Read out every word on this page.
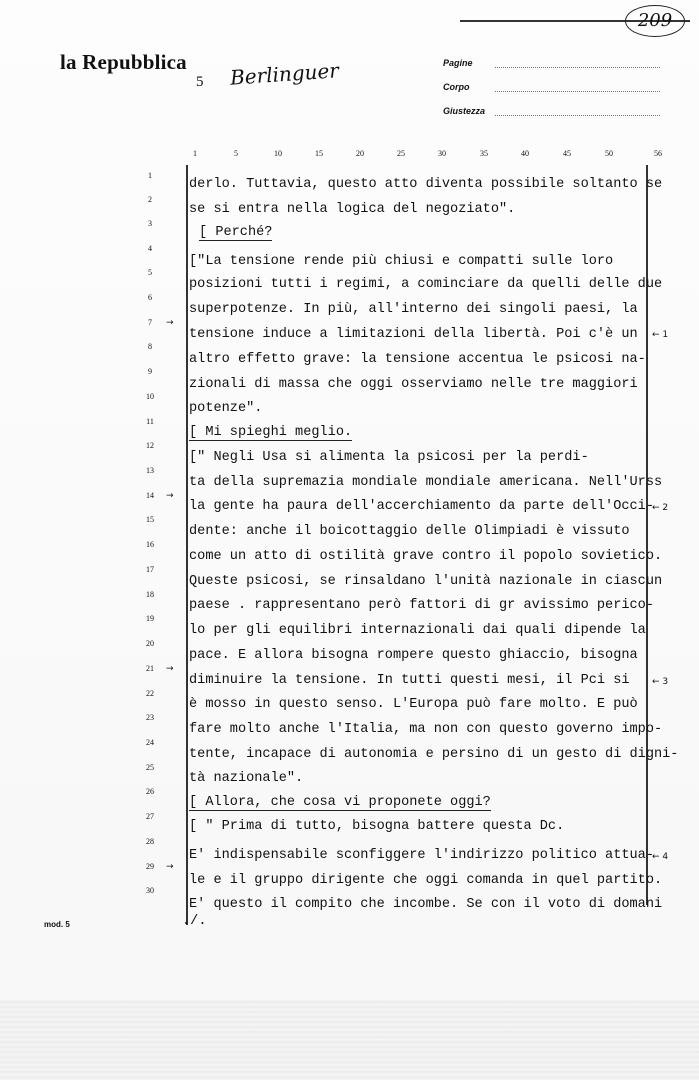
209
la Repubblica
5 Berlinguer	Pagine
Corpo
Giustezza
1	5	10	15	20	25	30	35	40	45	50	56
1
2
3
4
5
6
7
8
9
10
11
12
13
14
15
16
17
18
19
20
21
22
23
24
25
26
27
28
29
30
→
→
→
→
derlo. Tuttavia, questo atto diventa possibile soltanto se
se si entra nella logica del negoziato".
[ Perché?
["La tensione rende più chiusi e compatti sulle loro
posizioni tutti i regimi, a cominciare da quelli delle due
superpotenze. In più, all'interno dei singoli paesi, la
tensione induce a limitazioni della libertà. Poi c'è un
altro effetto grave: la tensione accentua le psicosi na-
zionali di massa che oggi osserviamo nelle tre maggiori
potenze".
[ Mi spieghi meglio.
[" Negli Usa si alimenta la psicosi per la perdi-
ta della supremazia mondiale mondiale americana. Nell'Urss
la gente ha paura dell'accerchiamento da parte dell'Occi-
dente: anche il boicottaggio delle Olimpiadi è vissuto
come un atto di ostilità grave contro il popolo sovietico.
Queste psicosi, se rinsaldano l'unità nazionale in ciascun
paese . rappresentano però fattori di gr avissimo perico-
lo per gli equilibri internazionali dai quali dipende la
pace. E allora bisogna rompere questo ghiaccio, bisogna
diminuire la tensione. In tutti questi mesi, il Pci si
è mosso in questo senso. L'Europa può fare molto. E può
fare molto anche l'Italia, ma non con questo governo impo-
tente, incapace di autonomia e persino di un gesto di digni-
tà nazionale".
[ Allora, che cosa vi proponete oggi?
[ " Prima di tutto, bisogna battere questa Dc.
E' indispensabile sconfiggere l'indirizzo politico attua-
le e il gruppo dirigente che oggi comanda in quel partito.
E' questo il compito che incombe. Se con il voto di domani
./.
← 1
← 2
← 3
← 4
mod. 5
